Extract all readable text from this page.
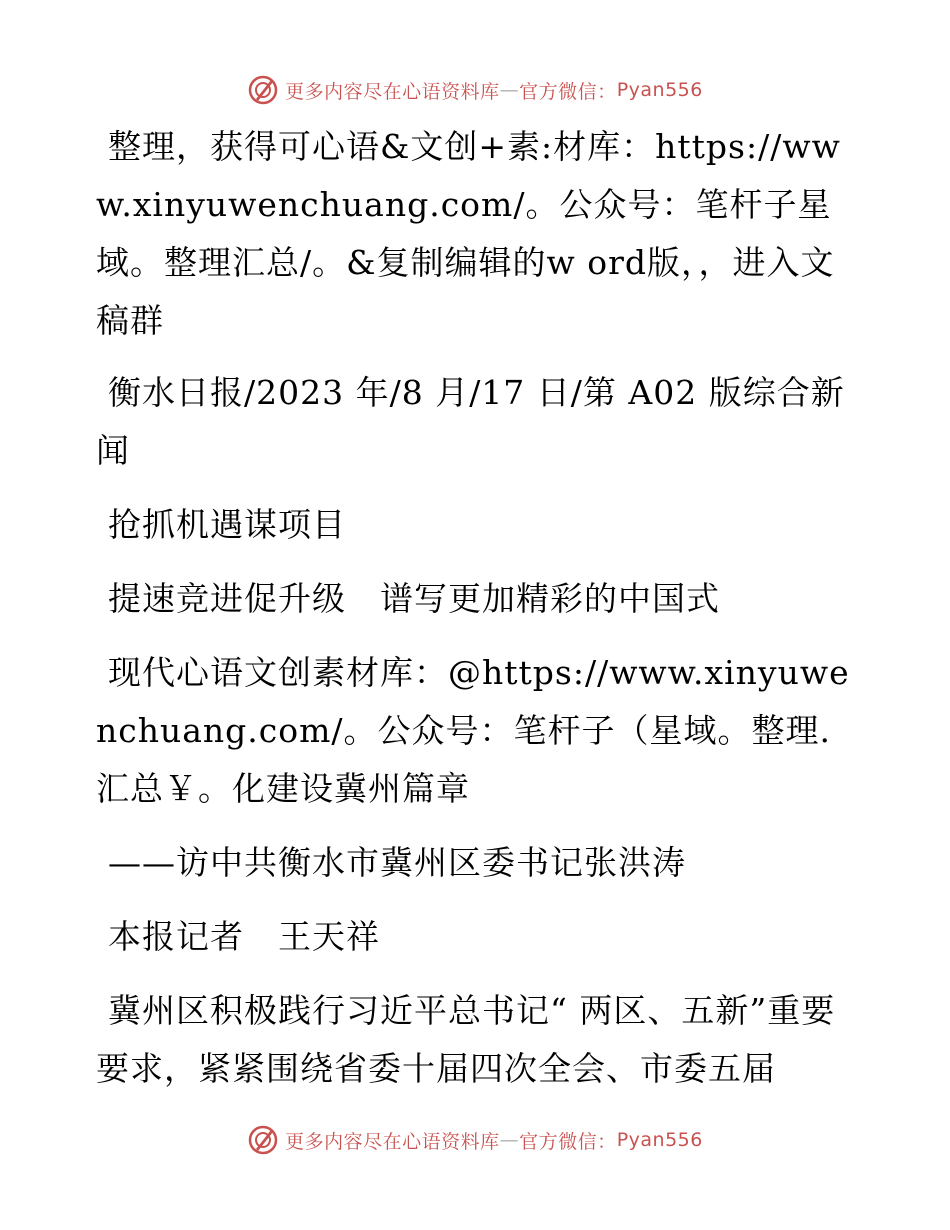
更多内容尽在心语资料库 — 官方微信： Pyan556

整理，获得可心语&文创+素:材库：https://www.xinyuwenchuang.com/。公众号：笔杆子星域。整理汇总/。&复制编辑的w ord版，，进入文稿群

衡水日报/2023 年/8 月/17 日/第 A02 版综合新闻

抢抓机遇谋项目

提速竞进促升级　谱写更加精彩的中国式

现代心语文创素材库：@https://www.xinyuwenchuang.com/。公众号：笔杆子（星域。整理.汇总￥。化建设冀州篇章

——访中共衡水市冀州区委书记张洪涛

本报记者　王天祥

冀州区积极践行习近平总书记“ 两区、五新”重要要求，紧紧围绕省委十届四次全会、市委五届

更多内容尽在心语资料库 — 官方微信： Pyan556
